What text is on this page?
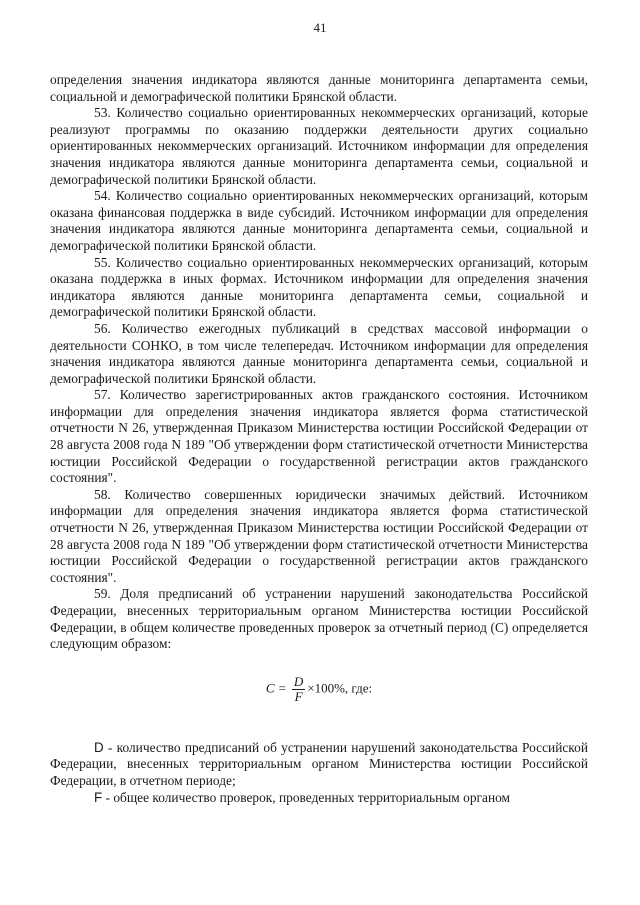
41

определения значения индикатора являются данные мониторинга департамента семьи, социальной и демографической политики Брянской области.

53. Количество социально ориентированных некоммерческих организаций, которые реализуют программы по оказанию поддержки деятельности других социально ориентированных некоммерческих организаций. Источником информации для определения значения индикатора являются данные мониторинга департамента семьи, социальной и демографической политики Брянской области.

54. Количество социально ориентированных некоммерческих организаций, которым оказана финансовая поддержка в виде субсидий. Источником информации для определения значения индикатора являются данные мониторинга департамента семьи, социальной и демографической политики Брянской области.

55. Количество социально ориентированных некоммерческих организаций, которым оказана поддержка в иных формах. Источником информации для определения значения индикатора являются данные мониторинга департамента семьи, социальной и демографической политики Брянской области.

56. Количество ежегодных публикаций в средствах массовой информации о деятельности СОНКО, в том числе телепередач. Источником информации для определения значения индикатора являются данные мониторинга департамента семьи, социальной и демографической политики Брянской области.

57. Количество зарегистрированных актов гражданского состояния. Источником информации для определения значения индикатора является форма статистической отчетности N 26, утвержденная Приказом Министерства юстиции Российской Федерации от 28 августа 2008 года N 189 "Об утверждении форм статистической отчетности Министерства юстиции Российской Федерации о государственной регистрации актов гражданского состояния".

58. Количество совершенных юридически значимых действий. Источником информации для определения значения индикатора является форма статистической отчетности N 26, утвержденная Приказом Министерства юстиции Российской Федерации от 28 августа 2008 года N 189 "Об утверждении форм статистической отчетности Министерства юстиции Российской Федерации о государственной регистрации актов гражданского состояния".

59. Доля предписаний об устранении нарушений законодательства Российской Федерации, внесенных территориальным органом Министерства юстиции Российской Федерации, в общем количестве проведенных проверок за отчетный период (С) определяется следующим образом:

$C = \frac{D}{F} \times 100\%$, где:

D - количество предписаний об устранении нарушений законодательства Российской Федерации, внесенных территориальным органом Министерства юстиции Российской Федерации, в отчетном периоде;

F - общее количество проверок, проведенных территориальным органом
